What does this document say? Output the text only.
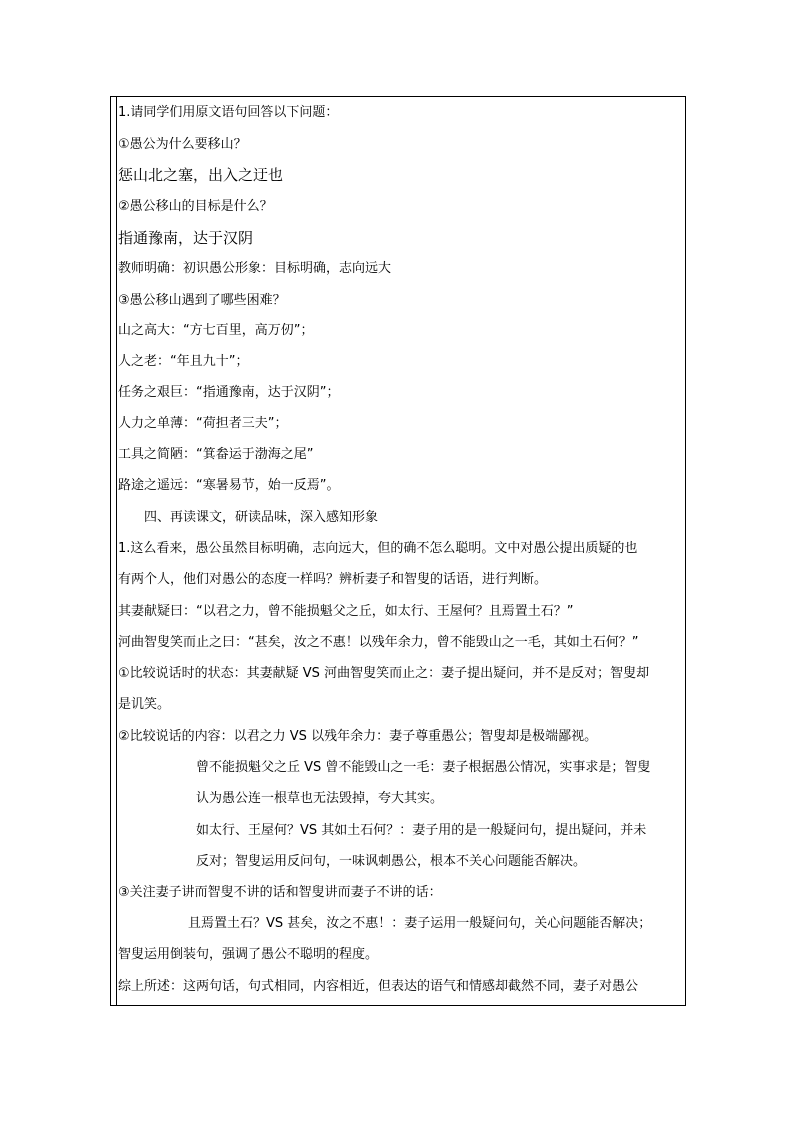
1.请同学们用原文语句回答以下问题：
①愚公为什么要移山？
惩山北之塞，出入之迂也
②愚公移山的目标是什么？
指通豫南，达于汉阴
教师明确：初识愚公形象：目标明确，志向远大
③愚公移山遇到了哪些困难？
山之高大：“方七百里，高万仞”；
人之老：“年且九十”；
任务之艰巨：“指通豫南，达于汉阴”；
人力之单薄：“荷担者三夫”；
工具之简陋：“箕畚运于渤海之尾”
路途之遥远：“寒暑易节，始一反焉”。
四、再读课文，研读品味，深入感知形象
1.这么看来，愚公虽然目标明确，志向远大，但的确不怎么聪明。文中对愚公提出质疑的也
有两个人，他们对愚公的态度一样吗？辨析妻子和智叟的话语，进行判断。
其妻献疑曰：“以君之力，曾不能损魁父之丘，如太行、王屋何？且焉置土石？”
河曲智叟笑而止之曰：“甚矣，汝之不惠！以残年余力，曾不能毁山之一毛，其如土石何？”
①比较说话时的状态：其妻献疑 VS 河曲智叟笑而止之：妻子提出疑问，并不是反对；智叟却
是讥笑。
②比较说话的内容：以君之力 VS 以残年余力：妻子尊重愚公；智叟却是极端鄙视。
曾不能损魁父之丘 VS 曾不能毁山之一毛：妻子根据愚公情况，实事求是；智叟
认为愚公连一根草也无法毁掉，夸大其实。
如太行、王屋何？VS 其如土石何？：妻子用的是一般疑问句，提出疑问，并未
反对；智叟运用反问句，一味讽刺愚公，根本不关心问题能否解决。
③关注妻子讲而智叟不讲的话和智叟讲而妻子不讲的话：
且焉置土石？VS 甚矣，汝之不惠！：妻子运用一般疑问句，关心问题能否解决；
智叟运用倒装句，强调了愚公不聪明的程度。
综上所述：这两句话，句式相同，内容相近，但表达的语气和情感却截然不同，妻子对愚公
